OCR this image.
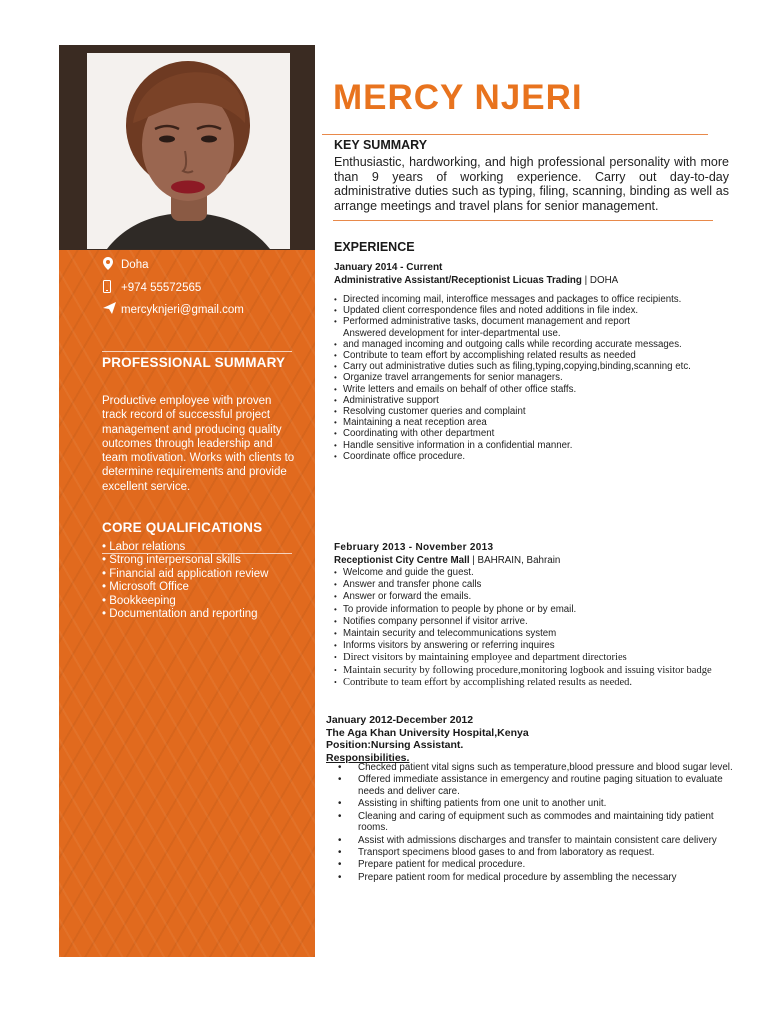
Doha
+974 55572565
mercyknjeri@gmail.com
PROFESSIONAL SUMMARY
Productive employee with proven track record of successful project management and producing quality outcomes through leadership and team motivation. Works with clients to determine requirements and provide excellent service.
CORE QUALIFICATIONS
• Labor relations
• Strong interpersonal skills
• Financial aid application review
• Microsoft Office
• Bookkeeping
• Documentation and reporting
MERCY NJERI
KEY SUMMARY
Enthusiastic, hardworking, and high professional personality with more than 9 years of working experience. Carry out day-to-day administrative duties such as typing, filing, scanning, binding as well as arrange meetings and travel plans for senior management.
EXPERIENCE
January 2014 - Current
Administrative Assistant/Receptionist Licuas Trading | DOHA
• Directed incoming mail, interoffice messages and packages to office recipients.
• Updated client correspondence files and noted additions in file index.
• Performed administrative tasks, document management and report
Answered development for inter-departmental use.
• and managed incoming and outgoing calls while recording accurate messages.
• Contribute to team effort by accomplishing related results as needed
• Carry out administrative duties such as filing,typing,copying,binding,scanning etc.
• Organize travel arrangements for senior managers.
• Write letters and emails on behalf of other office staffs.
• Administrative support
• Resolving customer queries and complaint
• Maintaining a neat reception area
• Coordinating with other department
• Handle sensitive information in a confidential manner.
• Coordinate office procedure.
February 2013 - November 2013
Receptionist City Centre Mall | BAHRAIN, Bahrain
• Welcome and guide the guest.
• Answer and transfer phone calls
• Answer or forward the emails.
• To provide information to people by phone or by email.
• Notifies company personnel if visitor arrive.
• Maintain security and telecommunications system
• Informs visitors by answering or referring inquires
• Direct visitors by maintaining employee and department directories
• Maintain security by following procedure,monitoring logbook and issuing visitor badge
• Contribute to team effort by accomplishing related results as needed.
January 2012-December 2012
The Aga Khan University Hospital,Kenya
Position:Nursing Assistant.
Responsibilities.
• Checked patient vital signs such as temperature,blood pressure and blood sugar level.
• Offered immediate assistance in emergency and routine paging situation to evaluate needs and deliver care.
• Assisting in shifting patients from one unit to another unit.
• Cleaning and caring of equipment such as commodes and maintaining tidy patient rooms.
• Assist with admissions discharges and transfer to maintain consistent care delivery
• Transport specimens blood gases to and from laboratory as request.
• Prepare patient for medical procedure.
• Prepare patient room for medical procedure by assembling the necessary
